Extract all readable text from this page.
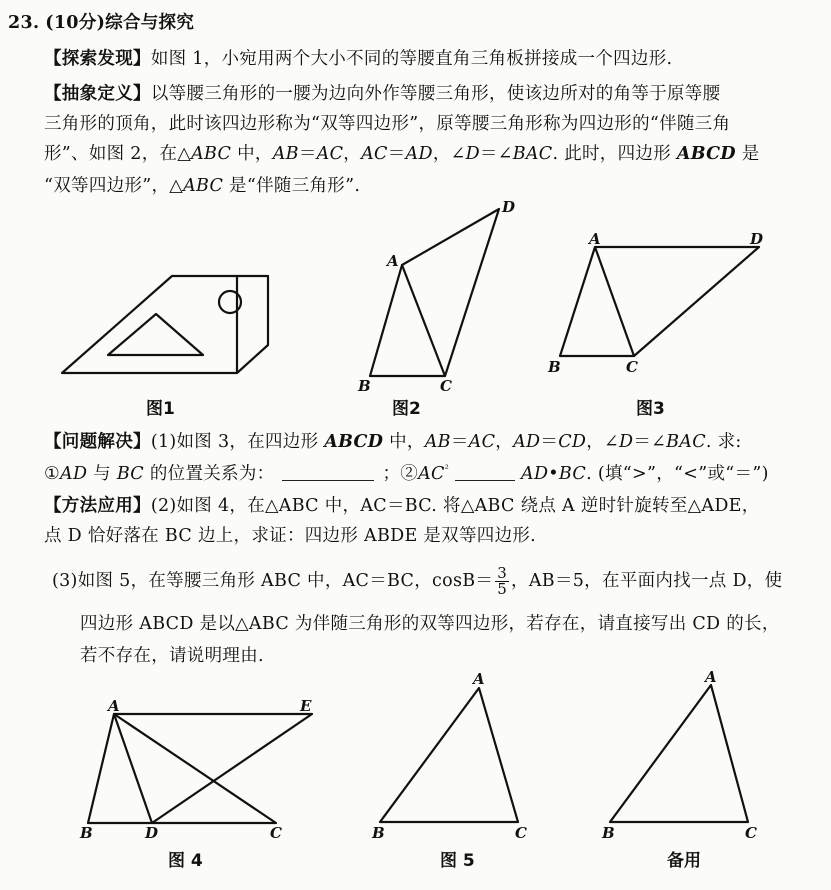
23. (10分)综合与探究
【探索发现】如图 1，小宛用两个大小不同的等腰直角三角板拼接成一个四边形.
【抽象定义】以等腰三角形的一腰为边向外作等腰三角形，使该边所对的角等于原等腰
三角形的顶角，此时该四边形称为“双等四边形”，原等腰三角形称为四边形的“伴随三角
形”、如图 2，在△ABC 中，AB＝AC，AC＝AD，∠D＝∠BAC. 此时，四边形 ABCD 是
“双等四边形”，△ABC 是“伴随三角形”.
【问题解决】(1)如图 3，在四边形 ABCD 中，AB＝AC，AD＝CD，∠D＝∠BAC. 求:
①AD 与 BC 的位置关系为：	；$②AC^{^2}$	AD•BC. (填“>”，“<”或“＝”)
【方法应用】(2)如图 4，在△ABC 中，AC＝BC. 将△ABC 绕点 A 逆时针旋转至△ADE，
点 D 恰好落在 BC 边上，求证：四边形 ABDE 是双等四边形.
(3)如图 5，在等腰三角形 ABC 中，AC＝BC，$\cos B= \frac{3}{5}$ ，AB＝5，在平面内找一点 D，使
四边形 ABCD 是以△ABC 为伴随三角形的双等四边形，若存在，请直接写出 CD 的长，
若不存在，请说明理由.
A
D
B	C
A	D
B	C
A	E
B	D	C
A
B	C
A
B	C
图1	图2	图3
图 4	图 5	备用
